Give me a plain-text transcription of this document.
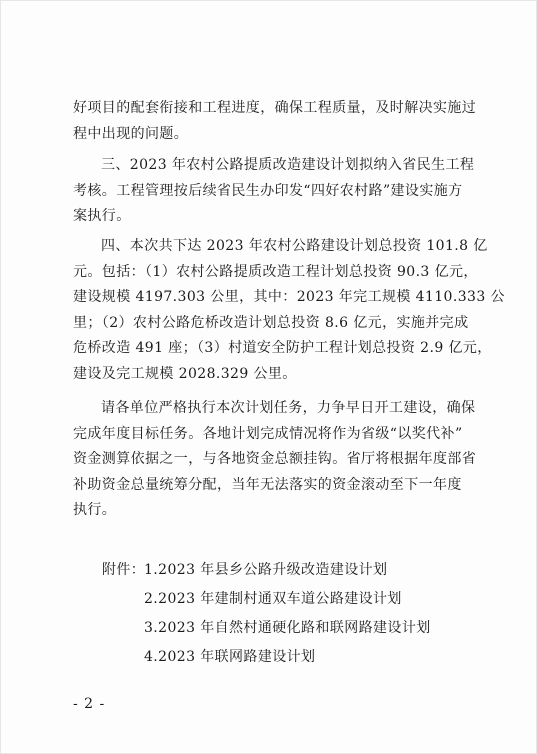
好项目的配套衔接和工程进度，确保工程质量，及时解决实施过
程中出现的问题。
三、2023 年农村公路提质改造建设计划拟纳入省民生工程
考核。工程管理按后续省民生办印发“四好农村路”建设实施方
案执行。
四、本次共下达 2023 年农村公路建设计划总投资 101.8 亿
元。包括：（1）农村公路提质改造工程计划总投资 90.3 亿元，
建设规模 4197.303 公里，其中：2023 年完工规模 4110.333 公
里；（2）农村公路危桥改造计划总投资 8.6 亿元，实施并完成
危桥改造 491 座；（3）村道安全防护工程计划总投资 2.9 亿元，
建设及完工规模 2028.329 公里。
请各单位严格执行本次计划任务，力争早日开工建设，确保
完成年度目标任务。各地计划完成情况将作为省级“以奖代补”
资金测算依据之一，与各地资金总额挂钩。省厅将根据年度部省
补助资金总量统筹分配，当年无法落实的资金滚动至下一年度
执行。
附件：1.2023 年县乡公路升级改造建设计划
2.2023 年建制村通双车道公路建设计划
3.2023 年自然村通硬化路和联网路建设计划
4.2023 年联网路建设计划
- 2 -
